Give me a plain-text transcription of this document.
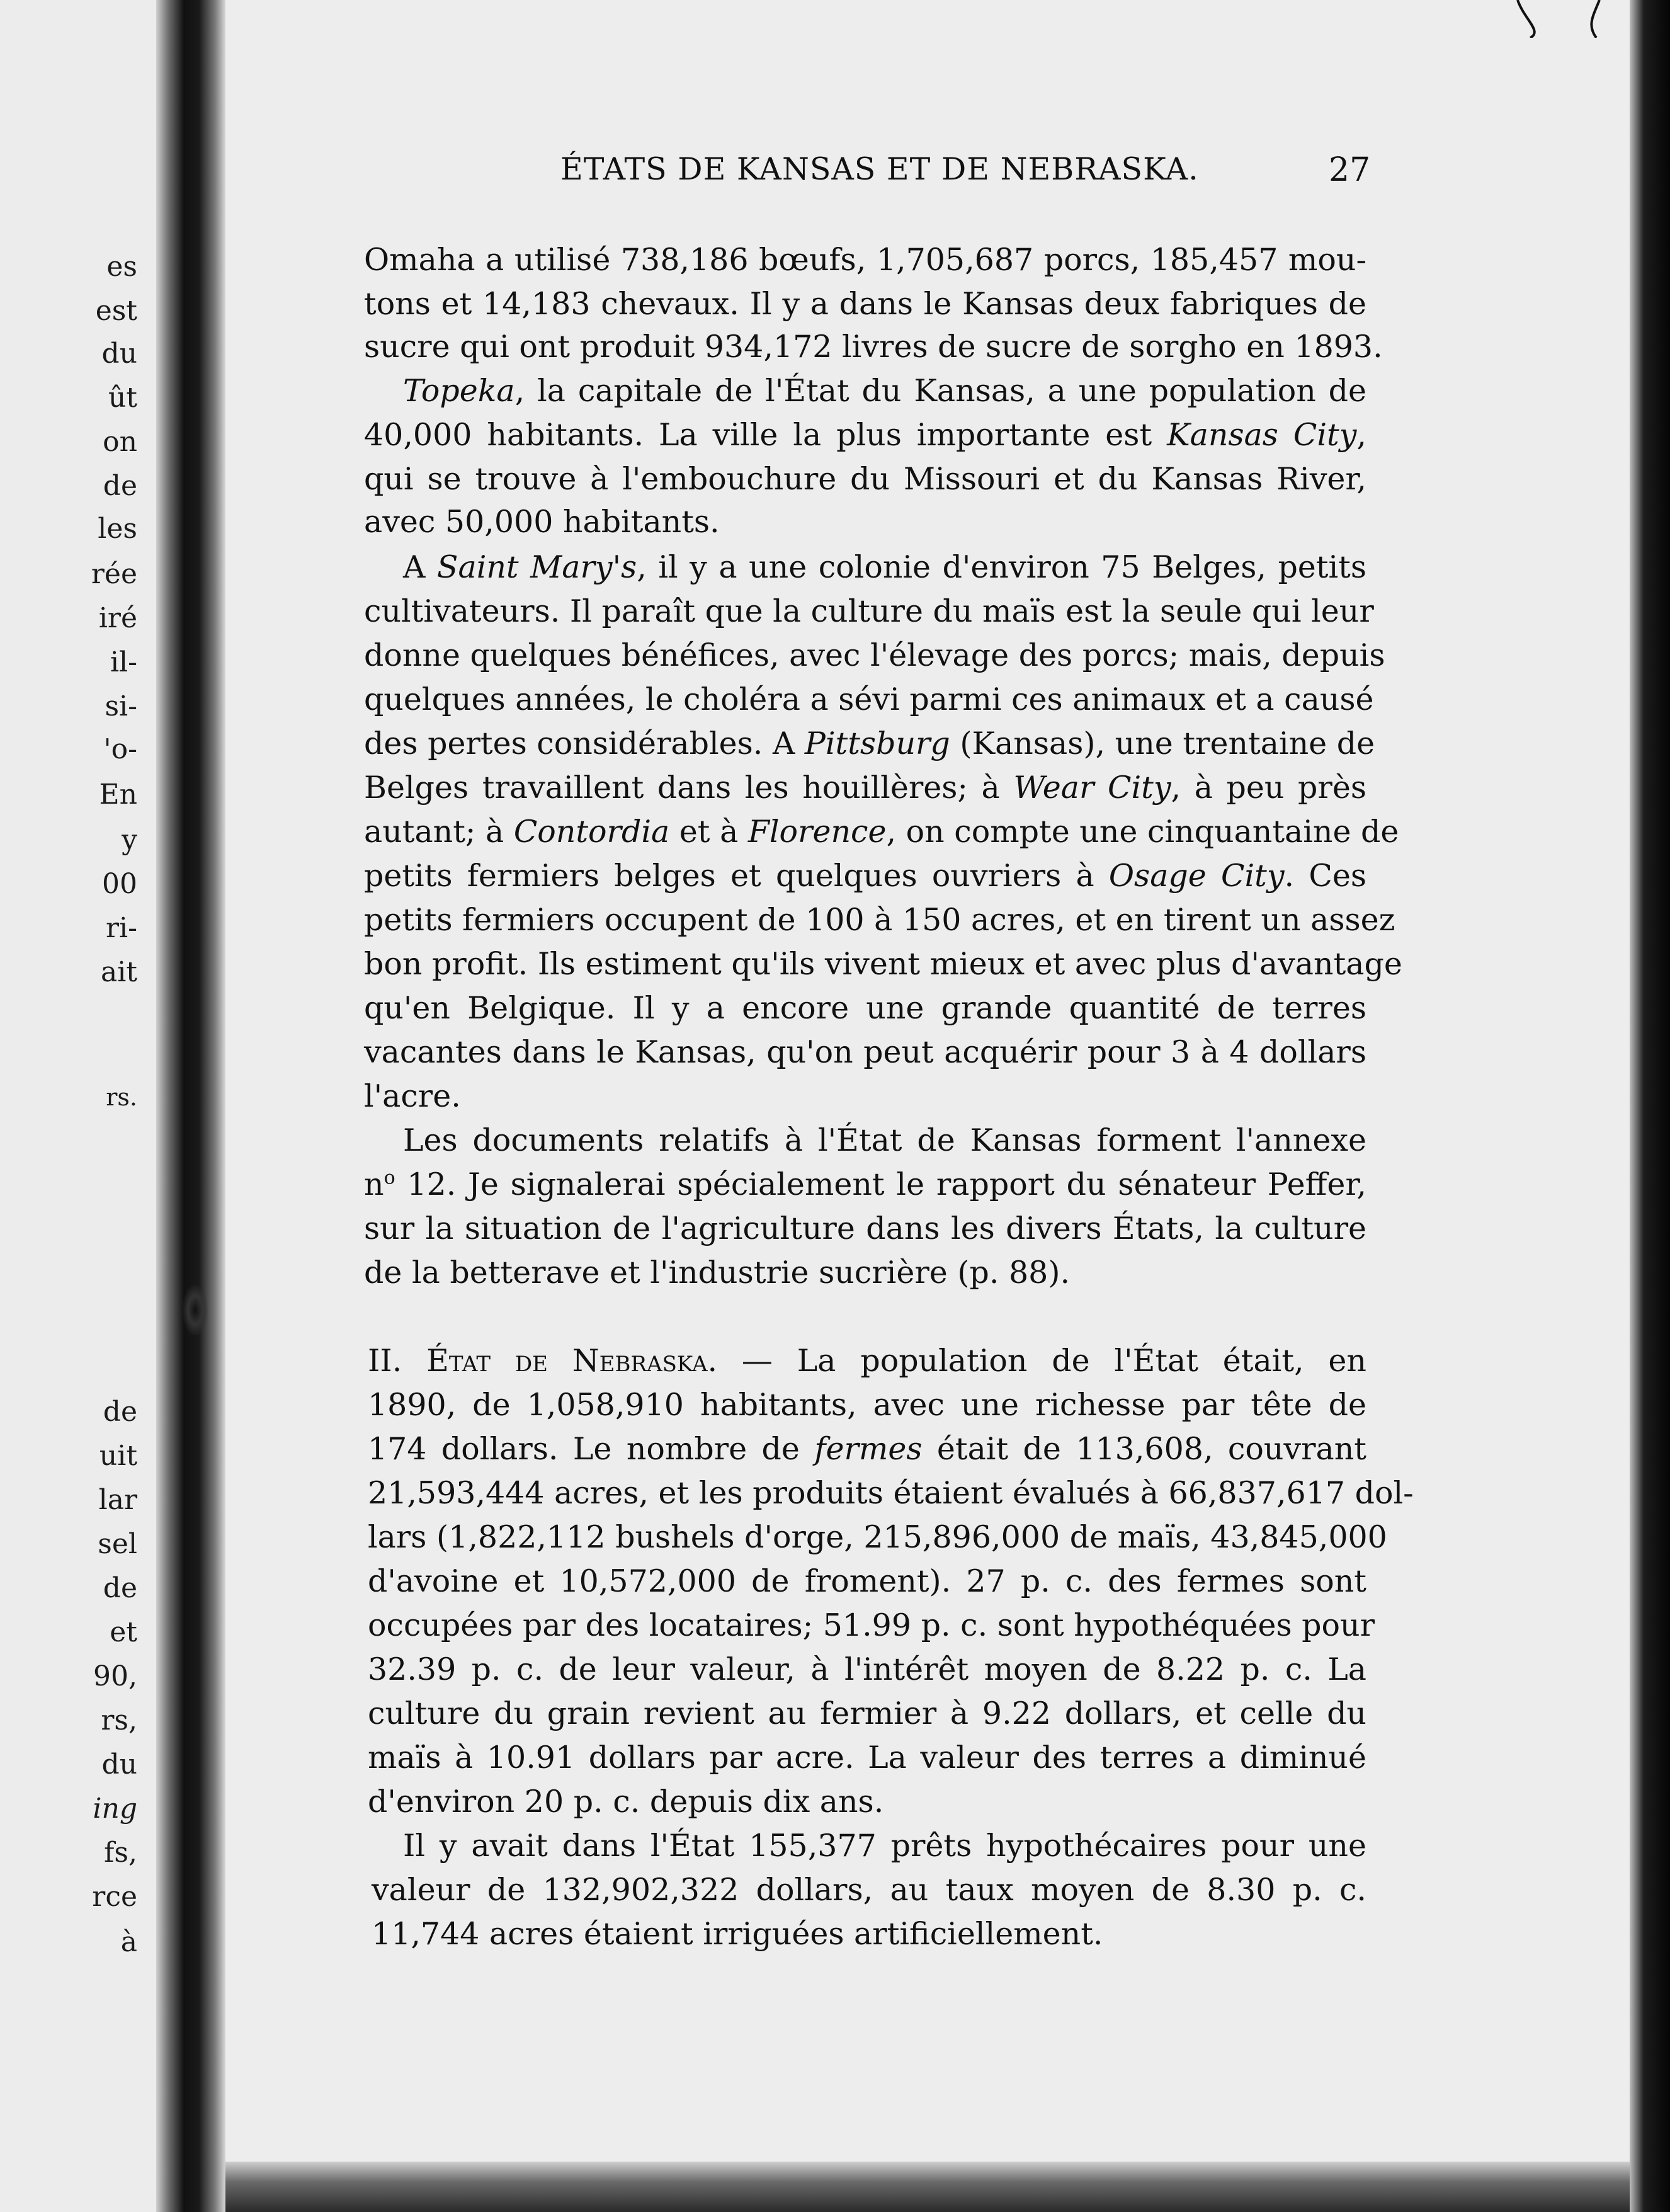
es
est
du
ût
on
de
les
rée
iré
il-
si-
'o-
En
y
00
ri-
ait
rs.
de
uit
lar
sel
de
et
90,
rs,
du
ing
fs,
rce
à
ÉTATS DE KANSAS ET DE NEBRASKA.	27
Omaha a utilisé 738,186 bœufs, 1,705,687 porcs, 185,457 mou-
tons et 14,183 chevaux. Il y a dans le Kansas deux fabriques de
sucre qui ont produit 934,172 livres de sucre de sorgho en 1893.
Topeka, la capitale de l'État du Kansas, a une population de
40,000 habitants. La ville la plus importante est Kansas City,
qui se trouve à l'embouchure du Missouri et du Kansas River,
avec 50,000 habitants.
A Saint Mary's, il y a une colonie d'environ 75 Belges, petits
cultivateurs. Il paraît que la culture du maïs est la seule qui leur
donne quelques bénéfices, avec l'élevage des porcs; mais, depuis
quelques années, le choléra a sévi parmi ces animaux et a causé
des pertes considérables. A Pittsburg (Kansas), une trentaine de
Belges travaillent dans les houillères; à Wear City, à peu près
autant; à Contordia et à Florence, on compte une cinquantaine de
petits fermiers belges et quelques ouvriers à Osage City. Ces
petits fermiers occupent de 100 à 150 acres, et en tirent un assez
bon profit. Ils estiment qu'ils vivent mieux et avec plus d'avantage
qu'en Belgique. Il y a encore une grande quantité de terres
vacantes dans le Kansas, qu'on peut acquérir pour 3 à 4 dollars
l'acre.
Les documents relatifs à l'État de Kansas forment l'annexe
$n^o$ 12. Je signalerai spécialement le rapport du sénateur Peffer,
sur la situation de l'agriculture dans les divers États, la culture
de la betterave et l'industrie sucrière (p. 88).
II. État de Nebraska. — La population de l'État était, en
1890, de 1,058,910 habitants, avec une richesse par tête de
174 dollars. Le nombre de fermes était de 113,608, couvrant
21,593,444 acres, et les produits étaient évalués à 66,837,617 dol-
lars (1,822,112 bushels d'orge, 215,896,000 de maïs, 43,845,000
d'avoine et 10,572,000 de froment). 27 p. c. des fermes sont
occupées par des locataires; 51.99 p. c. sont hypothéquées pour
32.39 p. c. de leur valeur, à l'intérêt moyen de 8.22 p. c. La
culture du grain revient au fermier à 9.22 dollars, et celle du
maïs à 10.91 dollars par acre. La valeur des terres a diminué
d'environ 20 p. c. depuis dix ans.
Il y avait dans l'État 155,377 prêts hypothécaires pour une
valeur de 132,902,322 dollars, au taux moyen de 8.30 p. c.
11,744 acres étaient irriguées artificiellement.
